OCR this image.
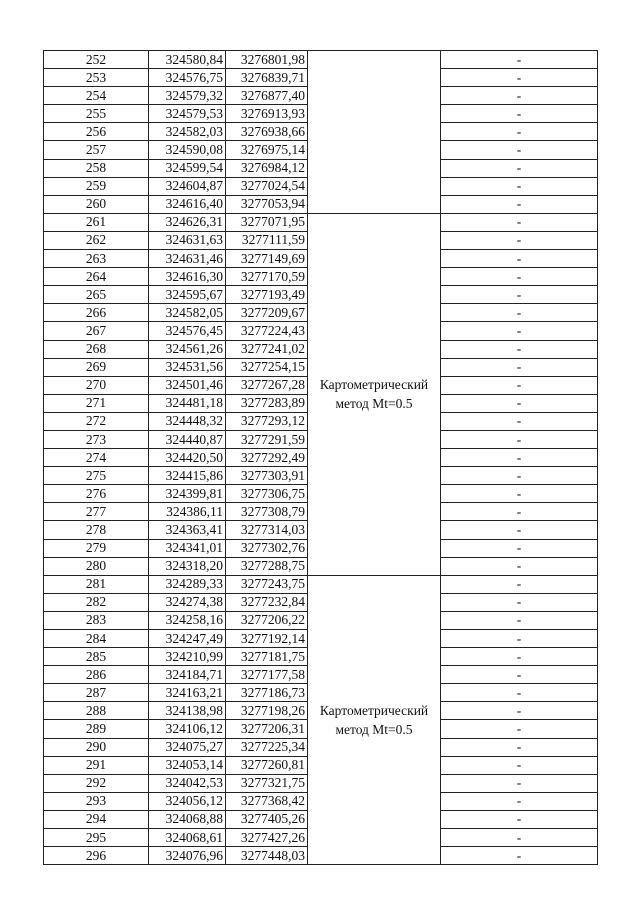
252	324580,84	3276801,98		-
253	324576,75	3276839,71		-
254	324579,32	3276877,40		-
255	324579,53	3276913,93		-
256	324582,03	3276938,66		-
257	324590,08	3276975,14		-
258	324599,54	3276984,12		-
259	324604,87	3277024,54		-
260	324616,40	3277053,94		-
261	324626,31	3277071,95	Картометрический метод Mt=0.5	-
262	324631,63	3277111,59		-
263	324631,46	3277149,69		-
264	324616,30	3277170,59		-
265	324595,67	3277193,49		-
266	324582,05	3277209,67		-
267	324576,45	3277224,43		-
268	324561,26	3277241,02		-
269	324531,56	3277254,15		-
270	324501,46	3277267,28		-
271	324481,18	3277283,89		-
272	324448,32	3277293,12		-
273	324440,87	3277291,59		-
274	324420,50	3277292,49		-
275	324415,86	3277303,91		-
276	324399,81	3277306,75		-
277	324386,11	3277308,79		-
278	324363,41	3277314,03		-
279	324341,01	3277302,76		-
280	324318,20	3277288,75		-
281	324289,33	3277243,75	Картометрический метод Mt=0.5	-
282	324274,38	3277232,84		-
283	324258,16	3277206,22		-
284	324247,49	3277192,14		-
285	324210,99	3277181,75		-
286	324184,71	3277177,58		-
287	324163,21	3277186,73		-
288	324138,98	3277198,26		-
289	324106,12	3277206,31		-
290	324075,27	3277225,34		-
291	324053,14	3277260,81		-
292	324042,53	3277321,75		-
293	324056,12	3277368,42		-
294	324068,88	3277405,26		-
295	324068,61	3277427,26		-
296	324076,96	3277448,03		-
